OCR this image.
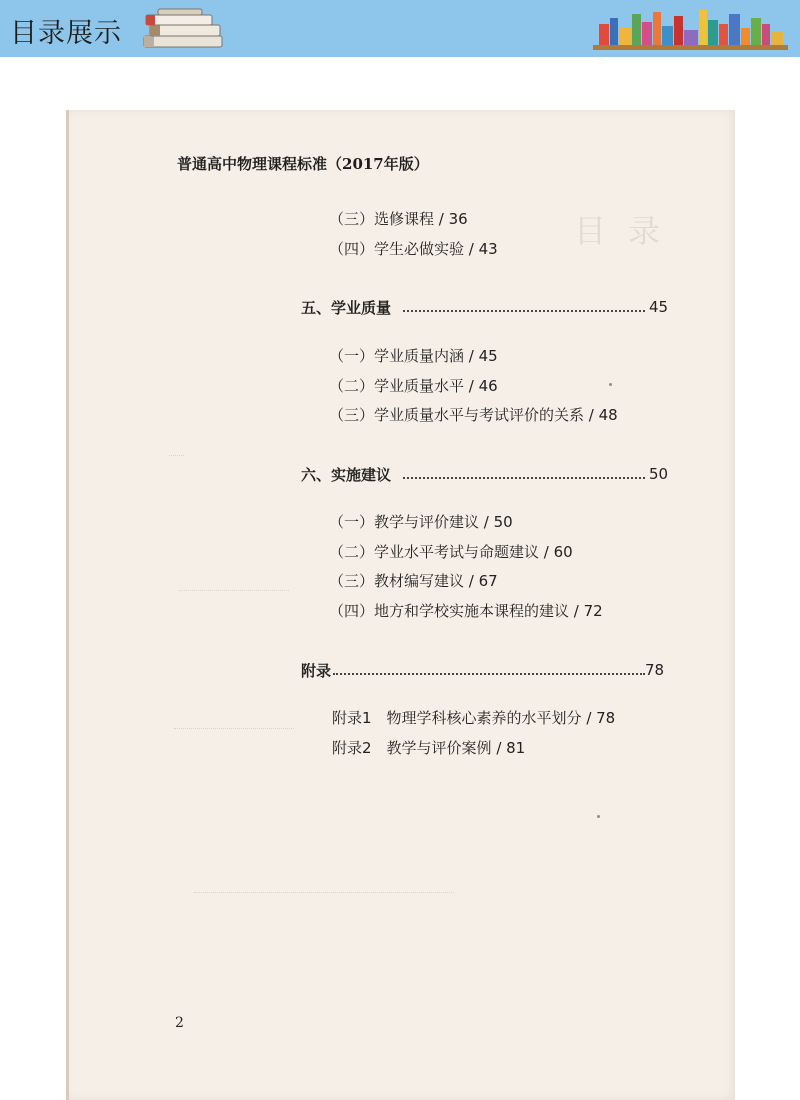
目录展示
目录
普通高中物理课程标准（2017年版）
（三）选修课程 / 36
（四）学生必做实验 / 43
五、学业质量	45
（一）学业质量内涵 / 45
（二）学业质量水平 / 46
（三）学业质量水平与考试评价的关系 / 48
六、实施建议	50
（一）教学与评价建议 / 50
（二）学业水平考试与命题建议 / 60
（三）教材编写建议 / 67
（四）地方和学校实施本课程的建议 / 72
附录	78
附录1　物理学科核心素养的水平划分 / 78
附录2　教学与评价案例 / 81
2
